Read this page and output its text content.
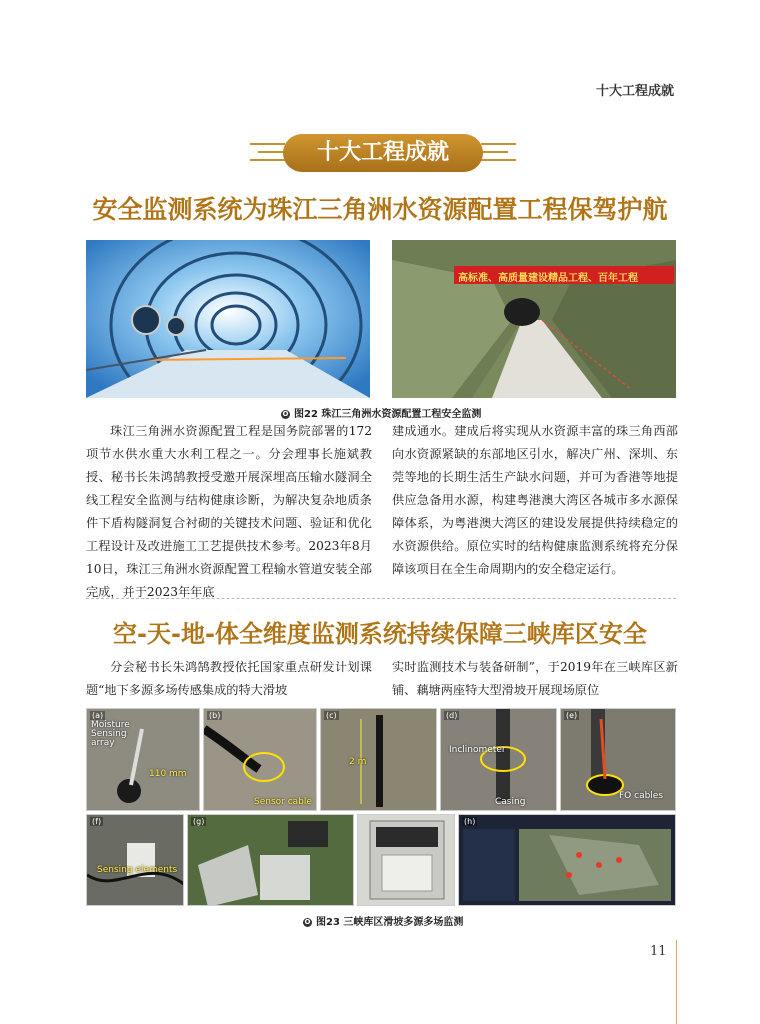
十大工程成就
十大工程成就
安全监测系统为珠江三角洲水资源配置工程保驾护航
高标准、高质量建设精品工程、百年工程
O 图22 珠江三角洲水资源配置工程安全监测

珠江三角洲水资源配置工程是国务院部署的172项节水供水重大水利工程之一。分会理事长施斌教授、秘书长朱鸿鹄教授受邀开展深埋高压输水隧洞全线工程安全监测与结构健康诊断，为解决复杂地质条件下盾构隧洞复合衬砌的关键技术问题、验证和优化工程设计及改进施工工艺提供技术参考。2023年8月10日，珠江三角洲水资源配置工程输水管道安装全部完成，并于2023年年底

建成通水。建成后将实现从水资源丰富的珠三角西部向水资源紧缺的东部地区引水，解决广州、深圳、东莞等地的长期生活生产缺水问题，并可为香港等地提供应急备用水源，构建粤港澳大湾区各城市多水源保障体系，为粤港澳大湾区的建设发展提供持续稳定的水资源供给。原位实时的结构健康监测系统将充分保障该项目在全生命周期内的安全稳定运行。

空-天-地-体全维度监测系统持续保障三峡库区安全

分会秘书长朱鸿鹄教授依托国家重点研发计划课题“地下多源多场传感集成的特大滑坡

实时监测技术与装备研制”，于2019年在三峡库区新铺、藕塘两座特大型滑坡开展现场原位

(a)
Moisture
Sensing
array
110 mm
(b)
Sensor cable
(c)
2 m
(d)
Inclinometer
Casing
(e)
FO cables
(f)
Sensing elements
(g)	(h)
O 图23 三峡库区滑坡多源多场监测
11
